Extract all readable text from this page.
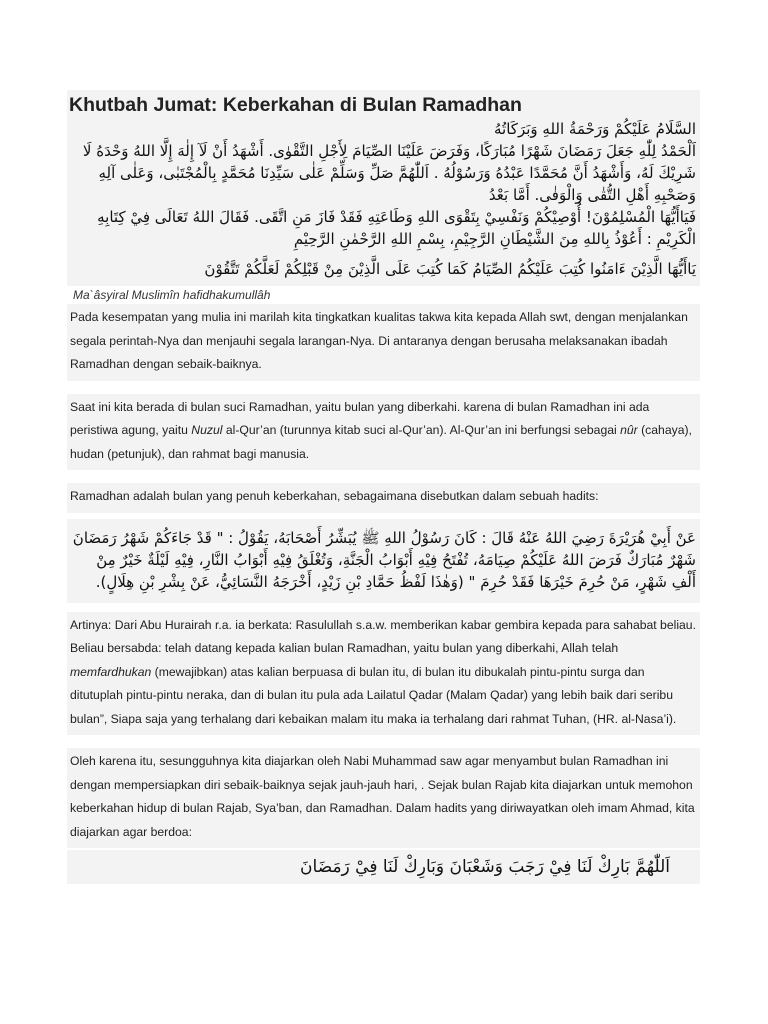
Khutbah Jumat: Keberkahan di Bulan Ramadhan
السَّلَامُ عَلَيْكُمْ وَرَحْمَةُ اللهِ وَبَرَكَاتُهُ
اَلْحَمْدُ لِلّٰهِ جَعَلَ رَمَضَانَ شَهْرًا مُبَارَكًا، وَفَرَضَ عَلَيْنَا الصِّيَامَ لِأَجْلِ التَّقْوٰى. أَشْهَدُ أَنْ لَآ إِلٰهَ إِلَّا اللهُ وَحْدَهُ لَا شَرِيْكَ لَهُ، وَأَشْهَدُ أَنَّ مُحَمَّدًا عَبْدُهُ وَرَسُوْلُهُ . اَللّٰهُمَّ صَلِّ وَسَلِّمْ عَلٰى سَيِّدِنَا مُحَمَّدٍ بِالْمُجْتَبٰى، وَعَلٰى آلِهِ وَصَحْبِهِ أَهْلِ التُّقٰى وَالْوَفٰى. أَمَّا بَعْدُ
فَيَاأَيُّهَا الْمُسْلِمُوْنَ! أُوْصِيْكُمْ وَنَفْسِيْ بِتَقْوَى اللهِ وَطَاعَتِهِ فَقَدْ فَازَ مَنِ اتَّقَى. فَقَالَ اللهُ تَعَالَى فِيْ كِتَابِهِ الْكَرِيْمِ : أَعُوْذُ بِاللهِ مِنَ الشَّيْطَانِ الرَّجِيْمِ، بِسْمِ اللهِ الرَّحْمٰنِ الرَّحِيْمِ
يَاأَيُّهَا الَّذِيْنَ ءَامَنُوا كُتِبَ عَلَيْكُمُ الصِّيَامُ كَمَا كُتِبَ عَلَى الَّذِيْنَ مِنْ قَبْلِكُمْ لَعَلَّكُمْ تَتَّقُوْنَ
Ma`âsyiral Muslimîn hafidhakumullâh
Pada kesempatan yang mulia ini marilah kita tingkatkan kualitas takwa kita kepada Allah swt, dengan menjalankan segala perintah-Nya dan menjauhi segala larangan-Nya. Di antaranya dengan berusaha melaksanakan ibadah Ramadhan dengan sebaik-baiknya.
Saat ini kita berada di bulan suci Ramadhan, yaitu bulan yang diberkahi. karena di bulan Ramadhan ini ada peristiwa agung, yaitu Nuzul al-Qur’an (turunnya kitab suci al-Qur’an). Al-Qur’an ini berfungsi sebagai nûr (cahaya), hudan (petunjuk), dan rahmat bagi manusia.
Ramadhan adalah bulan yang penuh keberkahan, sebagaimana disebutkan dalam sebuah hadits:
عَنْ أَبِيْ هُرَيْرَةَ رَضِيَ اللهُ عَنْهُ قَالَ : كَانَ رَسُوْلُ اللهِ ﷺ يُبَشِّرُ أَصْحَابَهُ، يَقُوْلُ : " قَدْ جَاءَكُمْ شَهْرُ رَمَضَانَ شَهْرٌ مُبَارَكٌ فَرَضَ اللهُ عَلَيْكُمْ صِيَامَهُ، تُفْتَحُ فِيْهِ أَبْوَابُ الْجَنَّةِ، وَتُغْلَقُ فِيْهِ أَبْوَابُ النَّارِ، فِيْهِ لَيْلَةٌ خَيْرٌ مِنْ أَلْفِ شَهْرٍ، مَنْ حُرِمَ خَيْرَهَا فَقَدْ حُرِمَ " (وَهٰذَا لَفْظُ حَمَّادِ بْنِ زَيْدٍ، أَخْرَجَهُ النَّسَائِيُّ، عَنْ بِشْرِ بْنِ هِلَالٍ).
Artinya: Dari Abu Hurairah r.a. ia berkata: Rasulullah s.a.w. memberikan kabar gembira kepada para sahabat beliau. Beliau bersabda: telah datang kepada kalian bulan Ramadhan, yaitu bulan yang diberkahi, Allah telah memfardhukan (mewajibkan) atas kalian berpuasa di bulan itu, di bulan itu dibukalah pintu-pintu surga dan ditutuplah pintu-pintu neraka, dan di bulan itu pula ada Lailatul Qadar (Malam Qadar) yang lebih baik dari seribu bulan”, Siapa saja yang terhalang dari kebaikan malam itu maka ia terhalang dari rahmat Tuhan, (HR. al-Nasa’i).
Oleh karena itu, sesungguhnya kita diajarkan oleh Nabi Muhammad saw agar menyambut bulan Ramadhan ini dengan mempersiapkan diri sebaik-baiknya sejak jauh-jauh hari, . Sejak bulan Rajab kita diajarkan untuk memohon keberkahan hidup di bulan Rajab, Sya’ban, dan Ramadhan. Dalam hadits yang diriwayatkan oleh imam Ahmad, kita diajarkan agar berdoa:
اَللّٰهُمَّ بَارِكْ لَنَا فِيْ رَجَبَ وَشَعْبَانَ وَبَارِكْ لَنَا فِيْ رَمَضَانَ
